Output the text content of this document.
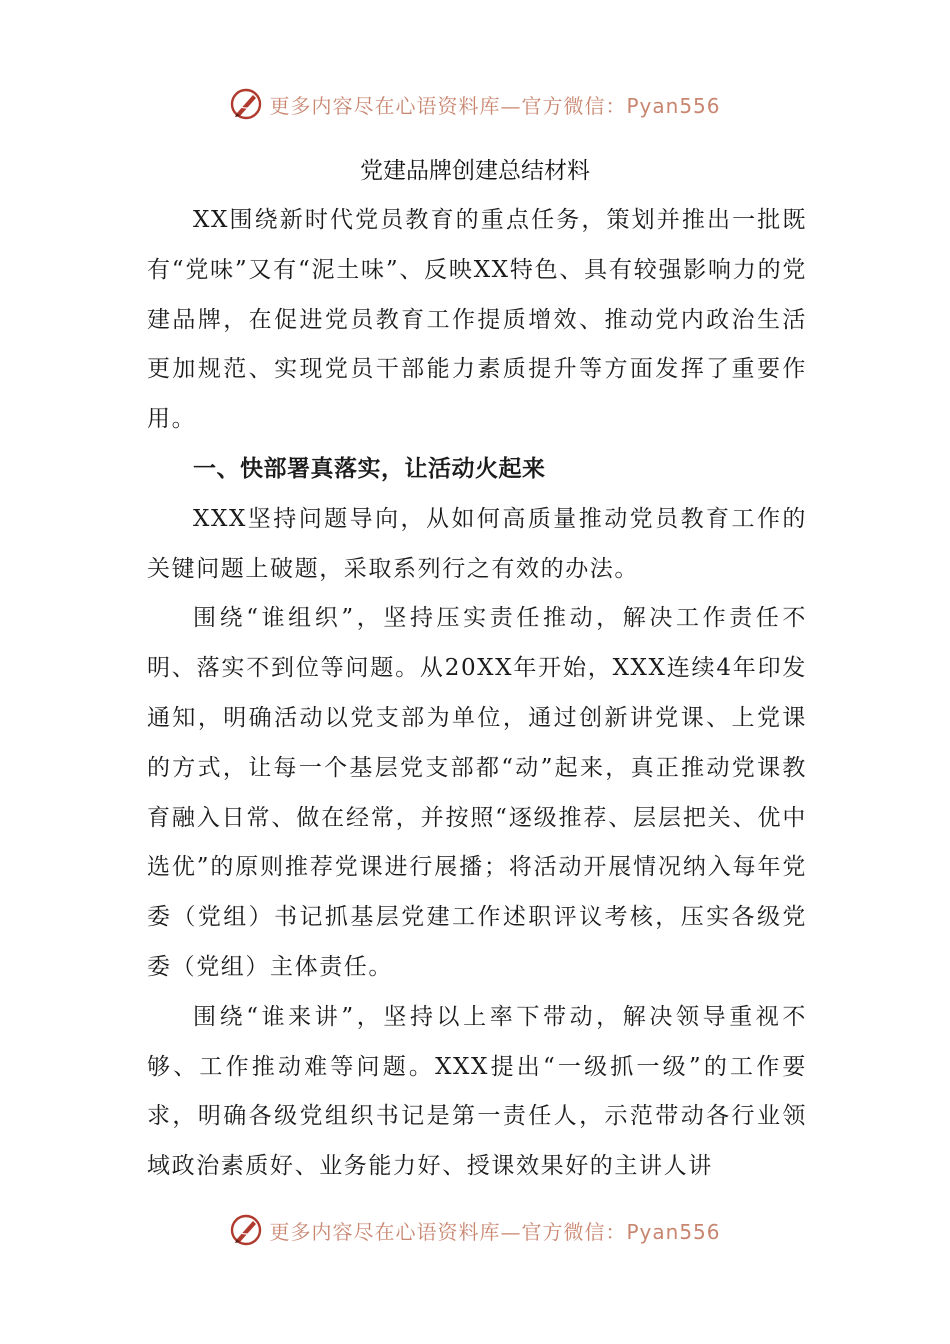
更多内容尽在心语资料库—官方微信：Pyan556
党建品牌创建总结材料

XX围绕新时代党员教育的重点任务，策划并推出一批既有“党味”又有“泥土味”、反映XX特色、具有较强影响力的党建品牌，在促进党员教育工作提质增效、推动党内政治生活更加规范、实现党员干部能力素质提升等方面发挥了重要作用。

一、快部署真落实，让活动火起来

XXX坚持问题导向，从如何高质量推动党员教育工作的关键问题上破题，采取系列行之有效的办法。

围绕“谁组织”，坚持压实责任推动，解决工作责任不明、落实不到位等问题。从20XX年开始，XXX连续4年印发通知，明确活动以党支部为单位，通过创新讲党课、上党课的方式，让每一个基层党支部都“动”起来，真正推动党课教育融入日常、做在经常，并按照“逐级推荐、层层把关、优中选优”的原则推荐党课进行展播；将活动开展情况纳入每年党委（党组）书记抓基层党建工作述职评议考核，压实各级党委（党组）主体责任。

围绕“谁来讲”，坚持以上率下带动，解决领导重视不够、工作推动难等问题。XXX提出“一级抓一级”的工作要求，明确各级党组织书记是第一责任人，示范带动各行业领域政治素质好、业务能力好、授课效果好的主讲人讲

更多内容尽在心语资料库—官方微信：Pyan556
